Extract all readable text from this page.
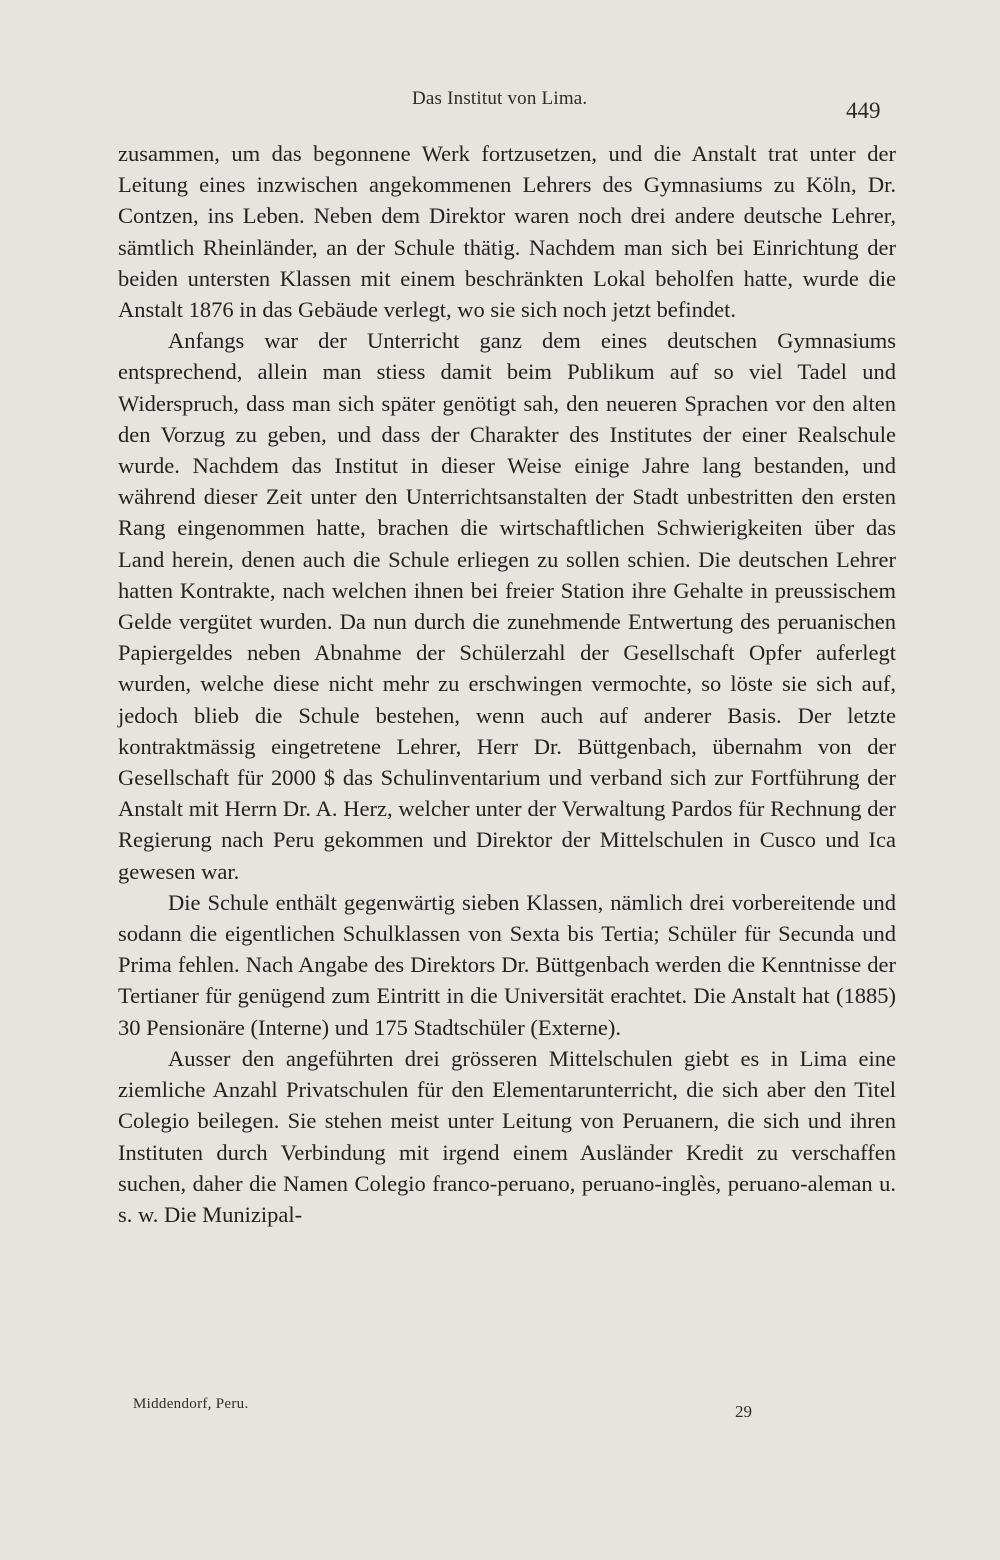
Das Institut von Lima.	449

zusammen, um das begonnene Werk fortzusetzen, und die Anstalt trat unter der Leitung eines inzwischen angekommenen Lehrers des Gymnasiums zu Köln, Dr. Contzen, ins Leben. Neben dem Direktor waren noch drei andere deutsche Lehrer, sämtlich Rheinländer, an der Schule thätig. Nachdem man sich bei Einrichtung der beiden untersten Klassen mit einem beschränkten Lokal beholfen hatte, wurde die Anstalt 1876 in das Gebäude verlegt, wo sie sich noch jetzt befindet.

Anfangs war der Unterricht ganz dem eines deutschen Gymnasiums entsprechend, allein man stiess damit beim Publikum auf so viel Tadel und Widerspruch, dass man sich später genötigt sah, den neueren Sprachen vor den alten den Vorzug zu geben, und dass der Charakter des Institutes der einer Realschule wurde. Nachdem das Institut in dieser Weise einige Jahre lang bestanden, und während dieser Zeit unter den Unterrichtsanstalten der Stadt unbestritten den ersten Rang eingenommen hatte, brachen die wirtschaftlichen Schwierigkeiten über das Land herein, denen auch die Schule erliegen zu sollen schien. Die deutschen Lehrer hatten Kontrakte, nach welchen ihnen bei freier Station ihre Gehalte in preussischem Gelde vergütet wurden. Da nun durch die zunehmende Entwertung des peruanischen Papiergeldes neben Abnahme der Schülerzahl der Gesellschaft Opfer auferlegt wurden, welche diese nicht mehr zu erschwingen vermochte, so löste sie sich auf, jedoch blieb die Schule bestehen, wenn auch auf anderer Basis. Der letzte kontraktmässig eingetretene Lehrer, Herr Dr. Büttgenbach, übernahm von der Gesellschaft für 2000 $ das Schulinventarium und verband sich zur Fortführung der Anstalt mit Herrn Dr. A. Herz, welcher unter der Verwaltung Pardos für Rechnung der Regierung nach Peru gekommen und Direktor der Mittelschulen in Cusco und Ica gewesen war.

Die Schule enthält gegenwärtig sieben Klassen, nämlich drei vorbereitende und sodann die eigentlichen Schulklassen von Sexta bis Tertia; Schüler für Secunda und Prima fehlen. Nach Angabe des Direktors Dr. Büttgenbach werden die Kenntnisse der Tertianer für genügend zum Eintritt in die Universität erachtet. Die Anstalt hat (1885) 30 Pensionäre (Interne) und 175 Stadtschüler (Externe).

Ausser den angeführten drei grösseren Mittelschulen giebt es in Lima eine ziemliche Anzahl Privatschulen für den Elementarunterricht, die sich aber den Titel Colegio beilegen. Sie stehen meist unter Leitung von Peruanern, die sich und ihren Instituten durch Verbindung mit irgend einem Ausländer Kredit zu verschaffen suchen, daher die Namen Colegio franco-peruano, peruano-inglès, peruano-aleman u. s. w. Die Munizipal-

Middendorf, Peru.	29
